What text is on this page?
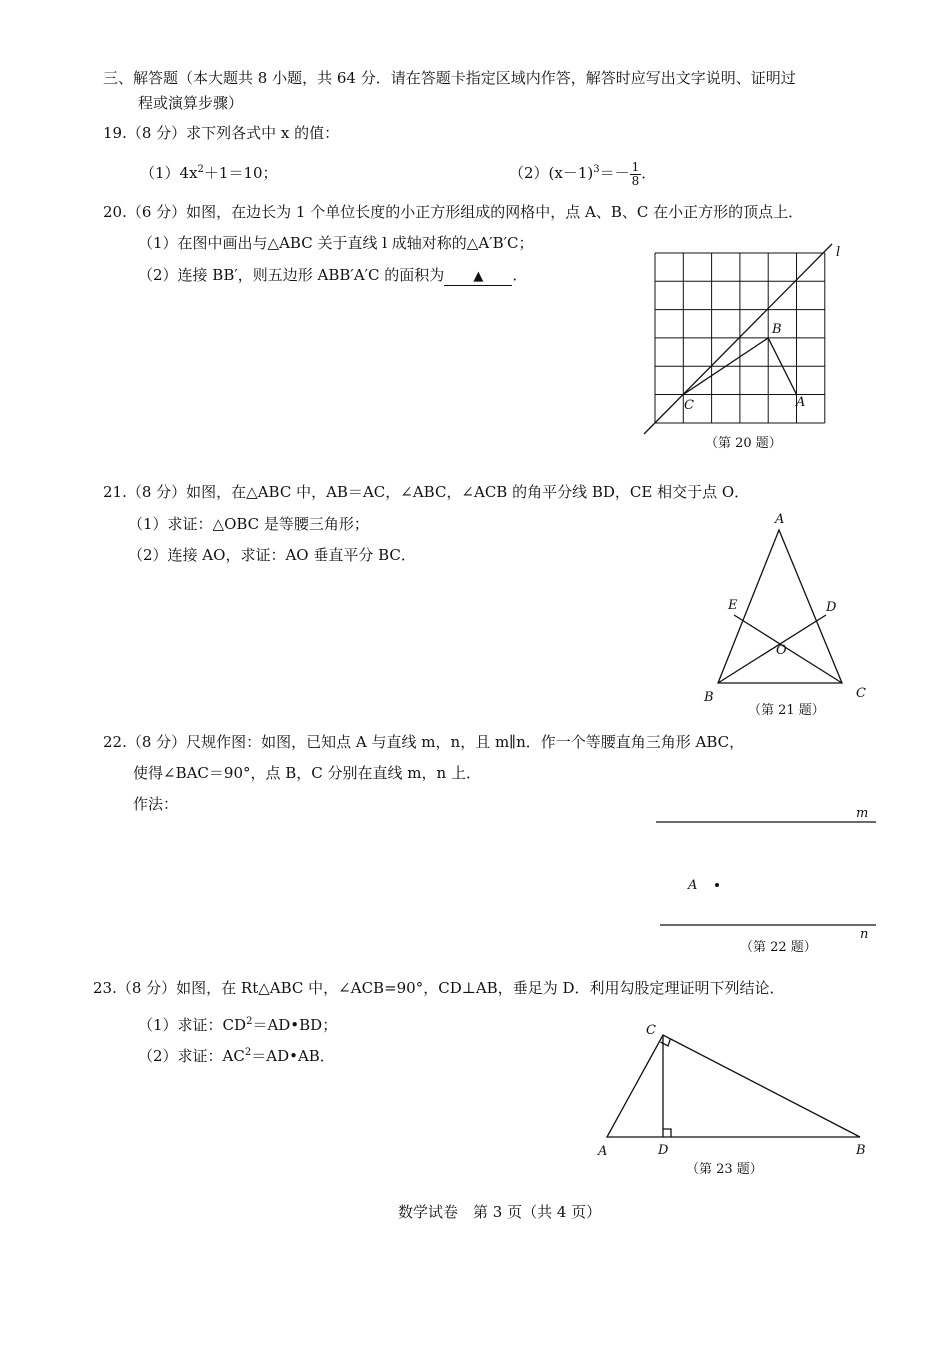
三、解答题（本大题共 8 小题，共 64 分．请在答题卡指定区域内作答，解答时应写出文字说明、证明过
程或演算步骤）
19.（8 分）求下列各式中 x 的值：
$(1)4x^2+1=10$；	$(2)(x-1)^3=- \frac{1}{8}$ ．
20.（6 分）如图，在边长为 1 个单位长度的小正方形组成的网格中，点 A、B、C 在小正方形的顶点上．
（1）在图中画出与△ABC 关于直线 l 成轴对称的△A′B′C；
（2）连接 BB′，则五边形 ABB′A′C 的面积为 ▲ ．
l
B
C	A
（第 20 题）
21.（8 分）如图，在△ABC 中，AB＝AC，∠ABC，∠ACB 的角平分线 BD，CE 相交于点 O．
（1）求证：△OBC 是等腰三角形；
（2）连接 AO，求证：AO 垂直平分 BC．
A
E	D
O
B	C
（第 21 题）
22.（8 分）尺规作图：如图，已知点 A 与直线 m，n，且 m∥n．作一个等腰直角三角形 ABC，
使得∠BAC＝90°，点 B，C 分别在直线 m，n 上．
作法：
m
n
A
（第 22 题）
23.（8 分）如图，在 Rt△ABC 中，∠ACB=90°，CD⊥AB，垂足为 D．利用勾股定理证明下列结论．
（1）求证：$CD^2=AD•BD$；
（2）求证：$AC^2=AD•AB$．
C
A	D	B
（第 23 题）
数学试卷　第 3 页（共 4 页）
